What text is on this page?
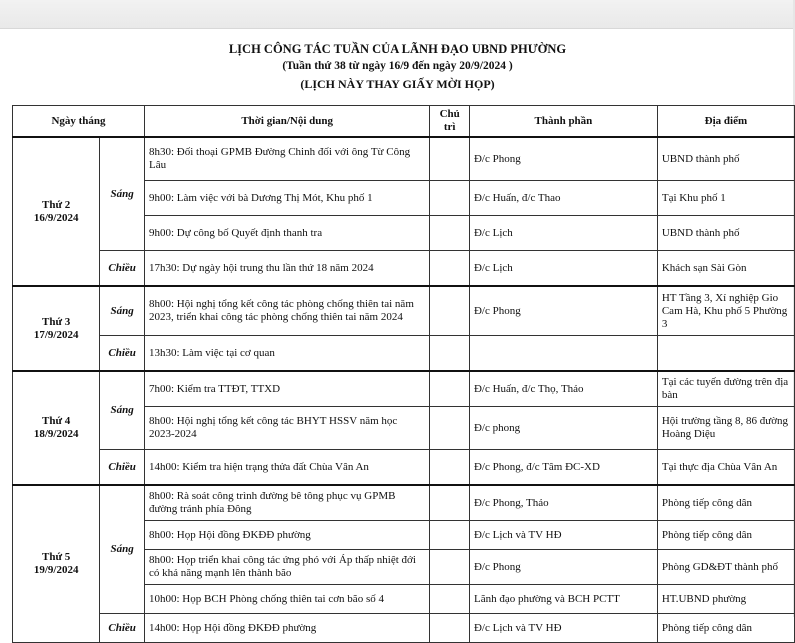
LỊCH CÔNG TÁC TUẦN CỦA LÃNH ĐẠO UBND PHƯỜNG
(Tuần thứ 38 từ ngày 16/9 đến ngày 20/9/2024 )
(LỊCH NÀY THAY GIẤY MỜI HỌP)
Ngày tháng		Thời gian/Nội dung	Chủ trì	Thành phần	Địa điểm

Thứ 2
16/9/2024	Sáng	8h30: Đối thoại GPMB Đường Chinh đối với ông Từ Công Lâu		Đ/c Phong	UBND thành phố
		9h00: Làm việc với bà Dương Thị Mót, Khu phố 1		Đ/c Huấn, đ/c Thao	Tại Khu phố 1
		9h00: Dự công bố Quyết định thanh tra		Đ/c Lịch	UBND thành phố
	Chiều	17h30: Dự ngày hội trung thu lần thứ 18 năm 2024		Đ/c Lịch	Khách sạn Sài Gòn

Thứ 3
17/9/2024	Sáng	8h00: Hội nghị tổng kết công tác phòng chống thiên tai năm 2023, triển khai công tác phòng chống thiên tai năm 2024		Đ/c Phong	HT Tầng 3, Xí nghiệp Gio Cam Hà, Khu phố 5 Phường 3
	Chiều	13h30: Làm việc tại cơ quan			

Thứ 4
18/9/2024	Sáng	7h00: Kiểm tra TTĐT, TTXD		Đ/c Huấn, đ/c Thọ, Thảo	Tại các tuyến đường trên địa bàn
		8h00: Hội nghị tổng kết công tác BHYT HSSV năm học 2023-2024		Đ/c phong	Hội trường tầng 8, 86 đường Hoàng Diệu
	Chiều	14h00: Kiểm tra hiện trạng thửa đất Chùa Vân An		Đ/c Phong, đ/c Tâm ĐC-XD	Tại thực địa Chùa Vân An

Thứ 5
19/9/2024	Sáng	8h00: Rà soát công trình đường bê tông phục vụ GPMB đường tránh phía Đông		Đ/c Phong, Thảo	Phòng tiếp công dân
		8h00: Họp Hội đồng ĐKĐĐ phường		Đ/c Lịch và TV HĐ	Phòng tiếp công dân
		8h00: Họp triển khai công tác ứng phó với Áp thấp nhiệt đới có khả năng mạnh lên thành bão		Đ/c Phong	Phòng GD&ĐT thành phố
		10h00: Họp BCH Phòng chống thiên tai cơn bão số 4		Lãnh đạo phường và BCH PCTT	HT.UBND phường
	Chiều	14h00: Họp Hội đồng ĐKĐĐ phường		Đ/c Lịch và TV HĐ	Phòng tiếp công dân
